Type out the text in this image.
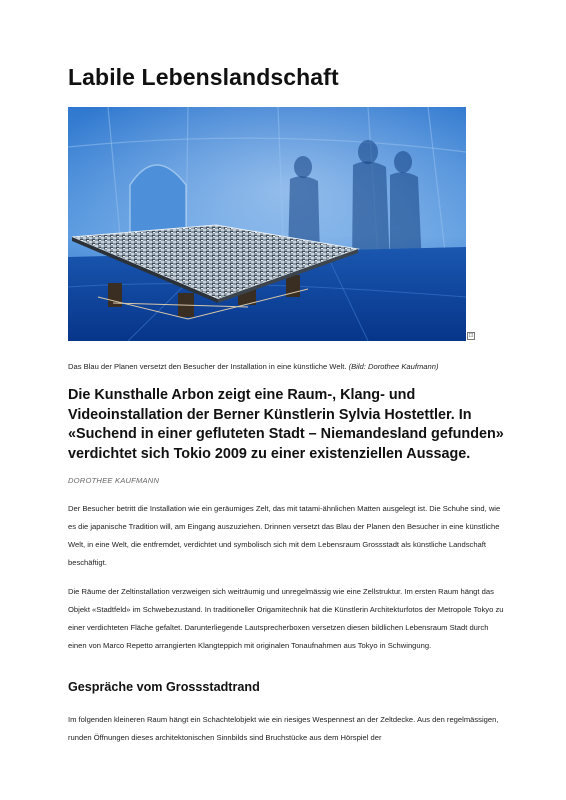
Labile Lebenslandschaft
⊡
Das Blau der Planen versetzt den Besucher der Installation in eine künstliche Welt. (Bild: Dorothee Kaufmann)

Die Kunsthalle Arbon zeigt eine Raum-, Klang- und Videoinstallation der Berner Künstlerin Sylvia Hostettler. In «Suchend in einer gefluteten Stadt – Niemandesland gefunden» verdichtet sich Tokio 2009 zu einer existenziellen Aussage.

DOROTHEE KAUFMANN

Der Besucher betritt die Installation wie ein geräumiges Zelt, das mit tatami-ähnlichen Matten ausgelegt ist. Die Schuhe sind, wie es die japanische Tradition will, am Eingang auszuziehen. Drinnen versetzt das Blau der Planen den Besucher in eine künstliche Welt, in eine Welt, die entfremdet, verdichtet und symbolisch sich mit dem Lebensraum Grossstadt als künstliche Landschaft beschäftigt.

Die Räume der Zeltinstallation verzweigen sich weiträumig und unregelmässig wie eine Zellstruktur. Im ersten Raum hängt das Objekt «Stadtfeld» im Schwebezustand. In traditioneller Origamitechnik hat die Künstlerin Architekturfotos der Metropole Tokyo zu einer verdichteten Fläche gefaltet. Darunterliegende Lautsprecherboxen versetzen diesen bildlichen Lebensraum Stadt durch einen von Marco Repetto arrangierten Klangteppich mit originalen Tonaufnahmen aus Tokyo in Schwingung.

Gespräche vom Grossstadtrand

Im folgenden kleineren Raum hängt ein Schachtelobjekt wie ein riesiges Wespennest an der Zeltdecke. Aus den regelmässigen, runden Öffnungen dieses architektonischen Sinnbilds sind Bruchstücke aus dem Hörspiel der
